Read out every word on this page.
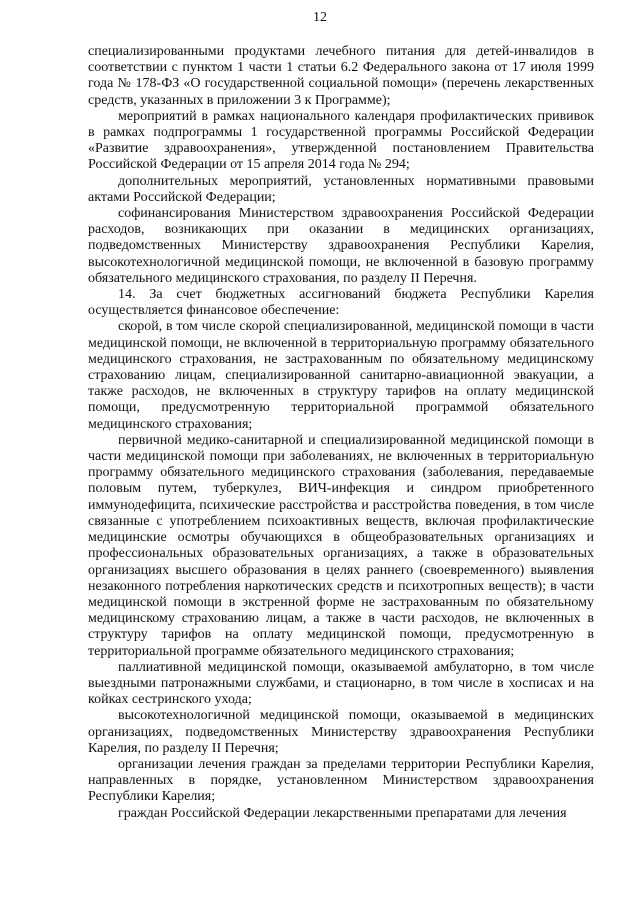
12

специализированными продуктами лечебного питания для детей-инвалидов в соответствии с пунктом 1 части 1 статьи 6.2 Федерального закона от 17 июля 1999 года № 178-ФЗ «О государственной социальной помощи» (перечень лекарственных средств, указанных в приложении 3 к Программе);

мероприятий в рамках национального календаря профилактических прививок в рамках подпрограммы 1 государственной программы Российской Федерации «Развитие здравоохранения», утвержденной постановлением Правительства Российской Федерации от 15 апреля 2014 года № 294;

дополнительных мероприятий, установленных нормативными правовыми актами Российской Федерации;

софинансирования Министерством здравоохранения Российской Федерации расходов, возникающих при оказании в медицинских организациях, подведомственных Министерству здравоохранения Республики Карелия, высокотехнологичной медицинской помощи, не включенной в базовую программу обязательного медицинского страхования, по разделу II Перечня.

14. За счет бюджетных ассигнований бюджета Республики Карелия осуществляется финансовое обеспечение:

скорой, в том числе скорой специализированной, медицинской помощи в части медицинской помощи, не включенной в территориальную программу обязательного медицинского страхования, не застрахованным по обязательному медицинскому страхованию лицам, специализированной санитарно-авиационной эвакуации, а также расходов, не включенных в структуру тарифов на оплату медицинской помощи, предусмотренную территориальной программой обязательного медицинского страхования;

первичной медико-санитарной и специализированной медицинской помощи в части медицинской помощи при заболеваниях, не включенных в территориальную программу обязательного медицинского страхования (заболевания, передаваемые половым путем, туберкулез, ВИЧ-инфекция и синдром приобретенного иммунодефицита, психические расстройства и расстройства поведения, в том числе связанные с употреблением психоактивных веществ, включая профилактические медицинские осмотры обучающихся в общеобразовательных организациях и профессиональных образовательных организациях, а также в образовательных организациях высшего образования в целях раннего (своевременного) выявления незаконного потребления наркотических средств и психотропных веществ); в части медицинской помощи в экстренной форме не застрахованным по обязательному медицинскому страхованию лицам, а также в части расходов, не включенных в структуру тарифов на оплату медицинской помощи, предусмотренную в территориальной программе обязательного медицинского страхования;

паллиативной медицинской помощи, оказываемой амбулаторно, в том числе выездными патронажными службами, и стационарно, в том числе в хосписах и на койках сестринского ухода;

высокотехнологичной медицинской помощи, оказываемой в медицинских организациях, подведомственных Министерству здравоохранения Республики Карелия, по разделу II Перечня;

организации лечения граждан за пределами территории Республики Карелия, направленных в порядке, установленном Министерством здравоохранения Республики Карелия;

граждан Российской Федерации лекарственными препаратами для лечения
